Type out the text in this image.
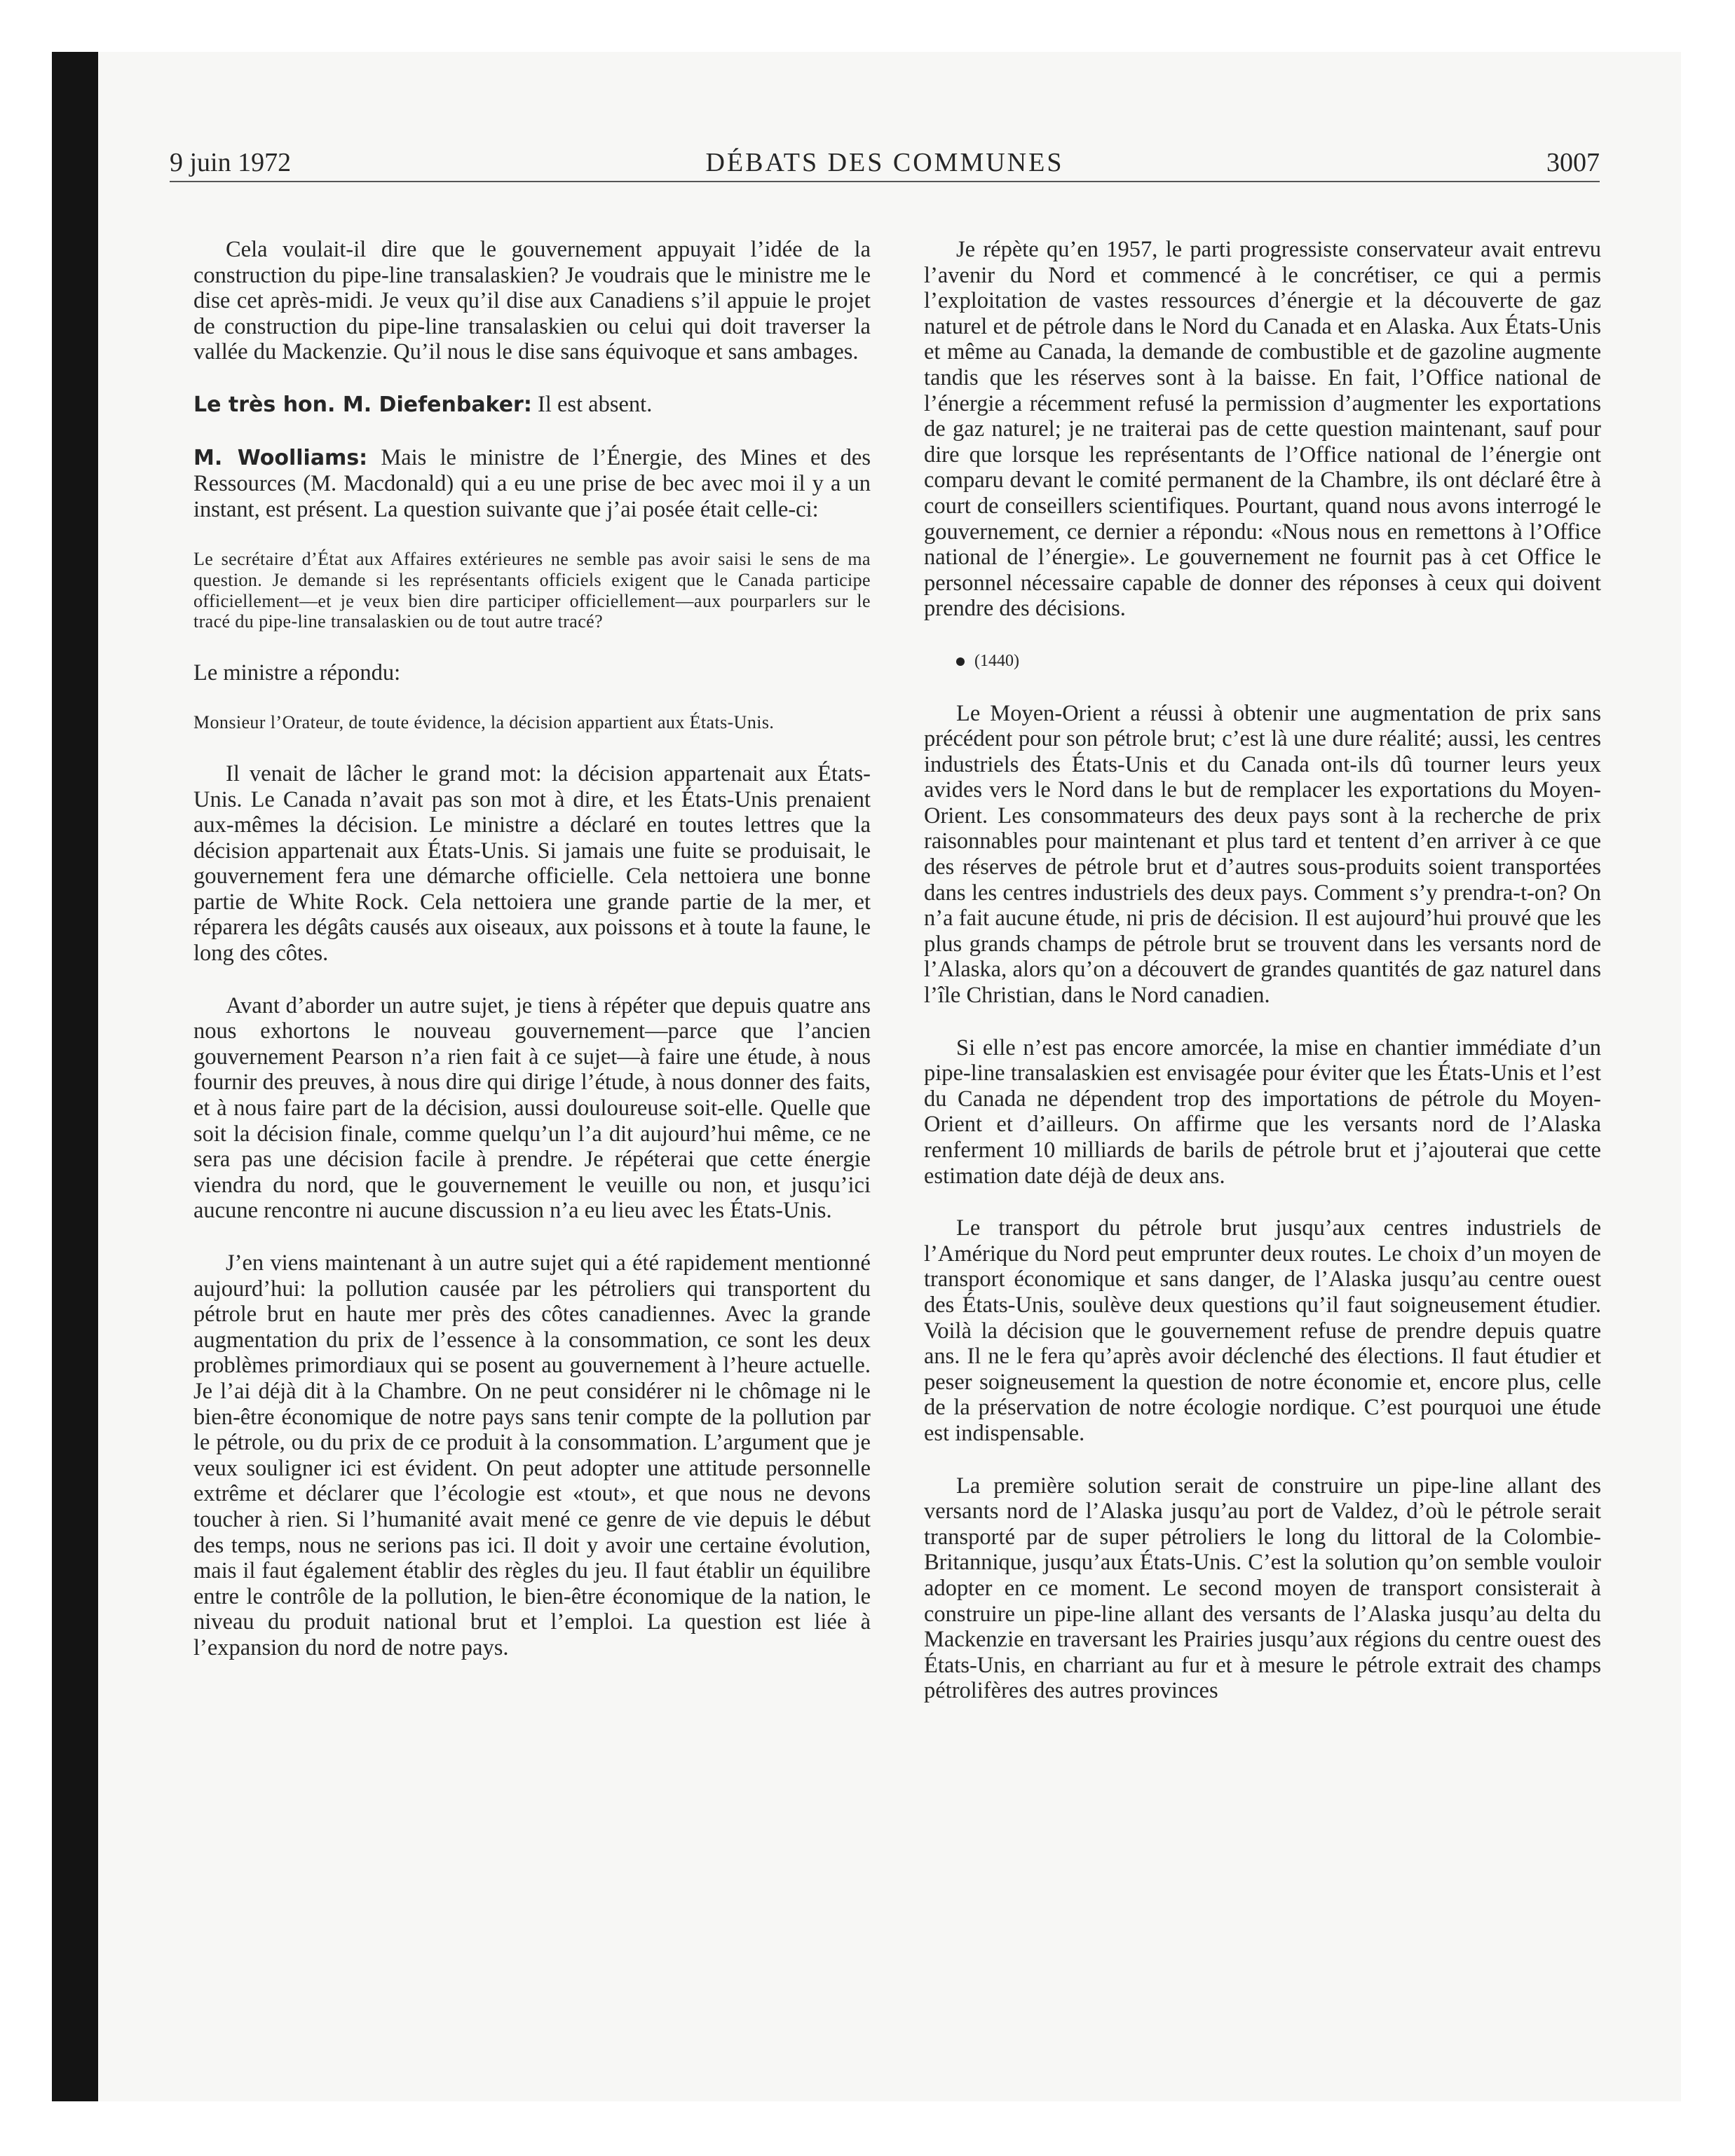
9 juin 1972	DÉBATS DES COMMUNES	3007

Cela voulait-il dire que le gouvernement appuyait l’idée de la construction du pipe-line transalaskien? Je voudrais que le ministre me le dise cet après-midi. Je veux qu’il dise aux Canadiens s’il appuie le projet de construction du pipe-line transalaskien ou celui qui doit traverser la vallée du Mackenzie. Qu’il nous le dise sans équivoque et sans ambages.

Le très hon. M. Diefenbaker: Il est absent.

M. Woolliams: Mais le ministre de l’Énergie, des Mines et des Ressources (M. Macdonald) qui a eu une prise de bec avec moi il y a un instant, est présent. La question suivante que j’ai posée était celle-ci:

Le secrétaire d’État aux Affaires extérieures ne semble pas avoir saisi le sens de ma question. Je demande si les représentants officiels exigent que le Canada participe officiellement—et je veux bien dire participer officiellement—aux pourparlers sur le tracé du pipe-line transalaskien ou de tout autre tracé?

Le ministre a répondu:

Monsieur l’Orateur, de toute évidence, la décision appartient aux États-Unis.

Il venait de lâcher le grand mot: la décision appartenait aux États-Unis. Le Canada n’avait pas son mot à dire, et les États-Unis prenaient aux-mêmes la décision. Le ministre a déclaré en toutes lettres que la décision appartenait aux États-Unis. Si jamais une fuite se produisait, le gouvernement fera une démarche officielle. Cela nettoiera une bonne partie de White Rock. Cela nettoiera une grande partie de la mer, et réparera les dégâts causés aux oiseaux, aux poissons et à toute la faune, le long des côtes.

Avant d’aborder un autre sujet, je tiens à répéter que depuis quatre ans nous exhortons le nouveau gouvernement—parce que l’ancien gouvernement Pearson n’a rien fait à ce sujet—à faire une étude, à nous fournir des preuves, à nous dire qui dirige l’étude, à nous donner des faits, et à nous faire part de la décision, aussi douloureuse soit-elle. Quelle que soit la décision finale, comme quelqu’un l’a dit aujourd’hui même, ce ne sera pas une décision facile à prendre. Je répéterai que cette énergie viendra du nord, que le gouvernement le veuille ou non, et jusqu’ici aucune rencontre ni aucune discussion n’a eu lieu avec les États-Unis.

J’en viens maintenant à un autre sujet qui a été rapidement mentionné aujourd’hui: la pollution causée par les pétroliers qui transportent du pétrole brut en haute mer près des côtes canadiennes. Avec la grande augmentation du prix de l’essence à la consommation, ce sont les deux problèmes primordiaux qui se posent au gouvernement à l’heure actuelle. Je l’ai déjà dit à la Chambre. On ne peut considérer ni le chômage ni le bien-être économique de notre pays sans tenir compte de la pollution par le pétrole, ou du prix de ce produit à la consommation. L’argument que je veux souligner ici est évident. On peut adopter une attitude personnelle extrême et déclarer que l’écologie est «tout», et que nous ne devons toucher à rien. Si l’humanité avait mené ce genre de vie depuis le début des temps, nous ne serions pas ici. Il doit y avoir une certaine évolution, mais il faut également établir des règles du jeu. Il faut établir un équilibre entre le contrôle de la pollution, le bien-être économique de la nation, le niveau du produit national brut et l’emploi. La question est liée à l’expansion du nord de notre pays.

Je répète qu’en 1957, le parti progressiste conservateur avait entrevu l’avenir du Nord et commencé à le concrétiser, ce qui a permis l’exploitation de vastes ressources d’énergie et la découverte de gaz naturel et de pétrole dans le Nord du Canada et en Alaska. Aux États-Unis et même au Canada, la demande de combustible et de gazoline augmente tandis que les réserves sont à la baisse. En fait, l’Office national de l’énergie a récemment refusé la permission d’augmenter les exportations de gaz naturel; je ne traiterai pas de cette question maintenant, sauf pour dire que lorsque les représentants de l’Office national de l’énergie ont comparu devant le comité permanent de la Chambre, ils ont déclaré être à court de conseillers scientifiques. Pourtant, quand nous avons interrogé le gouvernement, ce dernier a répondu: «Nous nous en remettons à l’Office national de l’énergie». Le gouvernement ne fournit pas à cet Office le personnel nécessaire capable de donner des réponses à ceux qui doivent prendre des décisions.

(1440)

Le Moyen-Orient a réussi à obtenir une augmentation de prix sans précédent pour son pétrole brut; c’est là une dure réalité; aussi, les centres industriels des États-Unis et du Canada ont-ils dû tourner leurs yeux avides vers le Nord dans le but de remplacer les exportations du Moyen-Orient. Les consommateurs des deux pays sont à la recherche de prix raisonnables pour maintenant et plus tard et tentent d’en arriver à ce que des réserves de pétrole brut et d’autres sous-produits soient transportées dans les centres industriels des deux pays. Comment s’y prendra-t-on? On n’a fait aucune étude, ni pris de décision. Il est aujourd’hui prouvé que les plus grands champs de pétrole brut se trouvent dans les versants nord de l’Alaska, alors qu’on a découvert de grandes quantités de gaz naturel dans l’île Christian, dans le Nord canadien.

Si elle n’est pas encore amorcée, la mise en chantier immédiate d’un pipe-line transalaskien est envisagée pour éviter que les États-Unis et l’est du Canada ne dépendent trop des importations de pétrole du Moyen-Orient et d’ailleurs. On affirme que les versants nord de l’Alaska renferment 10 milliards de barils de pétrole brut et j’ajouterai que cette estimation date déjà de deux ans.

Le transport du pétrole brut jusqu’aux centres industriels de l’Amérique du Nord peut emprunter deux routes. Le choix d’un moyen de transport économique et sans danger, de l’Alaska jusqu’au centre ouest des États-Unis, soulève deux questions qu’il faut soigneusement étudier. Voilà la décision que le gouvernement refuse de prendre depuis quatre ans. Il ne le fera qu’après avoir déclenché des élections. Il faut étudier et peser soigneusement la question de notre économie et, encore plus, celle de la préservation de notre écologie nordique. C’est pourquoi une étude est indispensable.

La première solution serait de construire un pipe-line allant des versants nord de l’Alaska jusqu’au port de Valdez, d’où le pétrole serait transporté par de super pétroliers le long du littoral de la Colombie-Britannique, jusqu’aux États-Unis. C’est la solution qu’on semble vouloir adopter en ce moment. Le second moyen de transport consisterait à construire un pipe-line allant des versants de l’Alaska jusqu’au delta du Mackenzie en traversant les Prairies jusqu’aux régions du centre ouest des États-Unis, en charriant au fur et à mesure le pétrole extrait des champs pétrolifères des autres provinces
